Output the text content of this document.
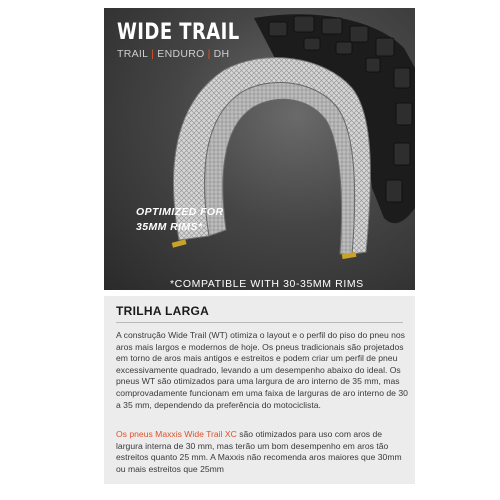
WIDE TRAIL
TRAIL | ENDURO | DH
OPTIMIZED FOR
35MM RIMS*
*COMPATIBLE WITH 30-35MM RIMS
TRILHA LARGA

A construção Wide Trail (WT) otimiza o layout e o perfil do piso do pneu nos aros mais largos e modernos de hoje. Os pneus tradicionais são projetados em torno de aros mais antigos e estreitos e podem criar um perfil de pneu excessivamente quadrado, levando a um desempenho abaixo do ideal. Os pneus WT são otimizados para uma largura de aro interno de 35 mm, mas comprovadamente funcionam em uma faixa de larguras de aro interno de 30 a 35 mm, dependendo da preferência do motociclista.

Os pneus Maxxis Wide Trail XC são otimizados para uso com aros de largura interna de 30 mm, mas terão um bom desempenho em aros tão estreitos quanto 25 mm. A Maxxis não recomenda aros maiores que 30mm ou mais estreitos que 25mm
